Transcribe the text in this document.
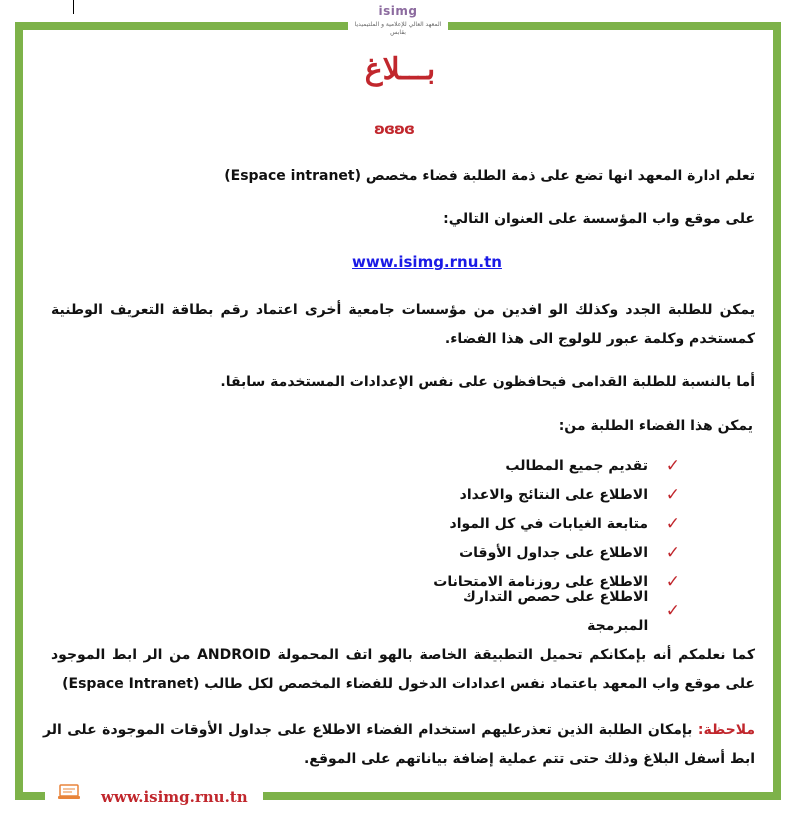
isimg
المعهد العالي للإعلامية و الملتيميديا بقابس
بـــلاغ
ʚɞʚɞ
تعلم ادارة المعهد انها تضع على ذمة الطلبة فضاء مخصص (Espace intranet)
على موقع واب المؤسسة على العنوان التالي:
www.isimg.rnu.tn
يمكن للطلبة الجدد وكذلك الو افدين من مؤسسات جامعية أخرى اعتماد رقم بطاقة التعريف الوطنية كمستخدم وكلمة عبور للولوج الى هذا الفضاء.
أما بالنسبة للطلبة القدامى فيحافظون على نفس الإعدادات المستخدمة سابقا.
يمكن هذا الفضاء الطلبة من:
✓
تقديم جميع المطالب
✓
الاطلاع على النتائج والاعداد
✓
متابعة الغيابات في كل المواد
✓
الاطلاع على جداول الأوقات
✓
الاطلاع على روزنامة الامتحانات
✓
الاطلاع على حصص التدارك المبرمجة
كما نعلمكم أنه بإمكانكم تحميل التطبيقة الخاصة بالهو اتف المحمولة ANDROID من الر ابط الموجود على موقع واب المعهد باعتماد نفس اعدادات الدخول للفضاء المخصص لكل طالب (Espace Intranet)
ملاحظة: بإمكان الطلبة الذين تعذرعليهم استخدام الفضاء الاطلاع على جداول الأوقات الموجودة على الر ابط أسفل البلاغ وذلك حتى تتم عملية إضافة بياناتهم على الموقع.
www.isimg.rnu.tn
